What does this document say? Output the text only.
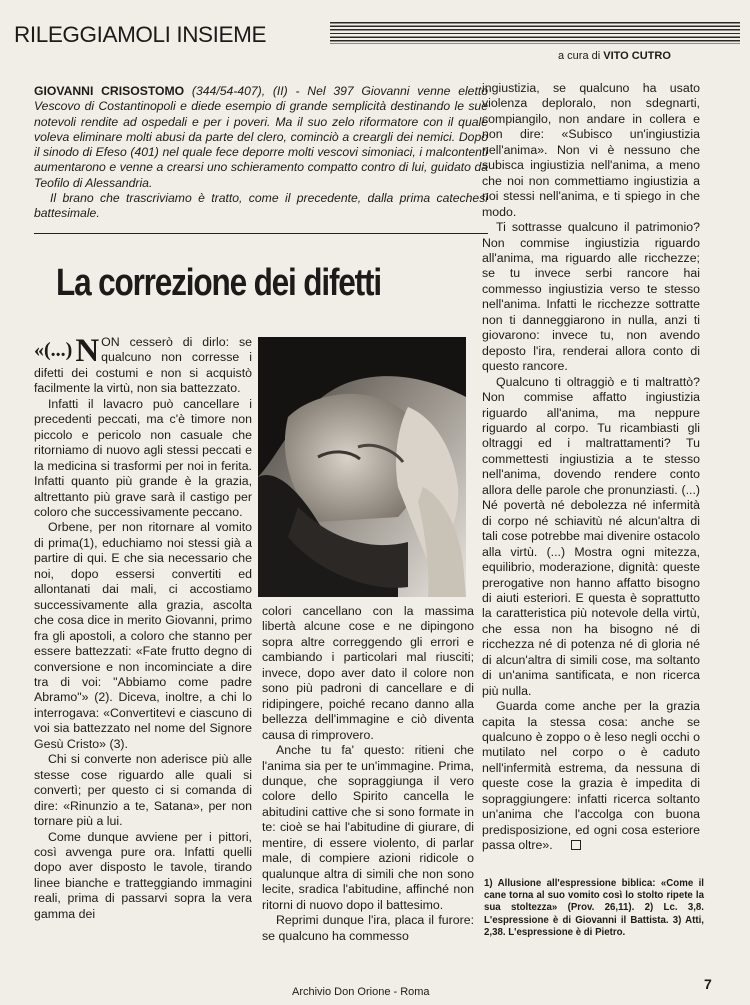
RILEGGIAMOLI INSIEME
a cura di VITO CUTRO

GIOVANNI CRISOSTOMO (344/54-407), (II) - Nel 397 Giovanni venne eletto Vescovo di Costantinopoli e diede esempio di grande semplicità destinando le sue notevoli rendite ad ospedali e per i poveri. Ma il suo zelo riformatore con il quale voleva eliminare molti abusi da parte del clero, cominciò a creargli dei nemici. Dopo il sinodo di Efeso (401) nel quale fece deporre molti vescovi simoniaci, i malcontenti aumentarono e venne a crearsi uno schieramento compatto contro di lui, guidato da Teofilo di Alessandria.

Il brano che trascriviamo è tratto, come il precedente, dalla prima catechesi battesimale.

La correzione dei difetti

«(...) N ON cesserò di dirlo: se qualcuno non corresse i difetti dei costumi e non si acquistò facilmente la virtù, non sia battezzato.

Infatti il lavacro può cancellare i precedenti peccati, ma c'è timore non piccolo e pericolo non casuale che ritorniamo di nuovo agli stessi peccati e la medicina si trasformi per noi in ferita. Infatti quanto più grande è la grazia, altrettanto più grave sarà il castigo per coloro che successivamente peccano.

Orbene, per non ritornare al vomito di prima(1), educhiamo noi stessi già a partire di qui. E che sia necessario che noi, dopo essersi convertiti ed allontanati dai mali, ci accostiamo successivamente alla grazia, ascolta che cosa dice in merito Giovanni, primo fra gli apostoli, a coloro che stanno per essere battezzati: «Fate frutto degno di conversione e non incominciate a dire tra di voi: "Abbiamo come padre Abramo"» (2). Diceva, inoltre, a chi lo interrogava: «Convertitevi e ciascuno di voi sia battezzato nel nome del Signore Gesù Cristo» (3).

Chi si converte non aderisce più alle stesse cose riguardo alle quali si convertì; per questo ci si comanda di dire: «Rinunzio a te, Satana», per non tornare più a lui.

Come dunque avviene per i pittori, così avvenga pure ora. Infatti quelli dopo aver disposto le tavole, tirando linee bianche e tratteggiando immagini reali, prima di passarvi sopra la vera gamma dei

colori cancellano con la massima libertà alcune cose e ne dipingono sopra altre correggendo gli errori e cambiando i particolari mal riusciti; invece, dopo aver dato il colore non sono più padroni di cancellare e di ridipingere, poiché recano danno alla bellezza dell'immagine e ciò diventa causa di rimprovero.

Anche tu fa' questo: ritieni che l'anima sia per te un'immagine. Prima, dunque, che sopraggiunga il vero colore dello Spirito cancella le abitudini cattive che si sono formate in te: cioè se hai l'abitudine di giurare, di mentire, di essere violento, di parlar male, di compiere azioni ridicole o qualunque altra di simili che non sono lecite, sradica l'abitudine, affinché non ritorni di nuovo dopo il battesimo.

Reprimi dunque l'ira, placa il furore: se qualcuno ha commesso

ingiustizia, se qualcuno ha usato violenza deploralo, non sdegnarti, compiangilo, non andare in collera e non dire: «Subisco un'ingiustizia nell'anima». Non vi è nessuno che subisca ingiustizia nell'anima, a meno che noi non commettiamo ingiustizia a noi stessi nell'anima, e ti spiego in che modo.

Ti sottrasse qualcuno il patrimonio? Non commise ingiustizia riguardo all'anima, ma riguardo alle ricchezze; se tu invece serbi rancore hai commesso ingiustizia verso te stesso nell'anima. Infatti le ricchezze sottratte non ti danneggiarono in nulla, anzi ti giovarono: invece tu, non avendo deposto l'ira, renderai allora conto di questo rancore.

Qualcuno ti oltraggiò e ti maltrattò? Non commise affatto ingiustizia riguardo all'anima, ma neppure riguardo al corpo. Tu ricambiasti gli oltraggi ed i maltrattamenti? Tu commettesti ingiustizia a te stesso nell'anima, dovendo rendere conto allora delle parole che pronunziasti. (...) Né povertà né debolezza né infermità di corpo né schiavitù né alcun'altra di tali cose potrebbe mai divenire ostacolo alla virtù. (...) Mostra ogni mitezza, equilibrio, moderazione, dignità: queste prerogative non hanno affatto bisogno di aiuti esteriori. E questa è soprattutto la caratteristica più notevole della virtù, che essa non ha bisogno né di ricchezza né di potenza né di gloria né di alcun'altra di simili cose, ma soltanto di un'anima santificata, e non ricerca più nulla.

Guarda come anche per la grazia capita la stessa cosa: anche se qualcuno è zoppo o è leso negli occhi o mutilato nel corpo o è caduto nell'infermità estrema, da nessuna di queste cose la grazia è impedita di sopraggiungere: infatti ricerca soltanto un'anima che l'accolga con buona predisposizione, ed ogni cosa esteriore passa oltre».

1) Allusione all'espressione biblica: «Come il cane torna al suo vomito così lo stolto ripete la sua stoltezza» (Prov. 26,11). 2) Lc. 3,8. L'espressione è di Giovanni il Battista. 3) Atti, 2,38. L'espressione è di Pietro.

Archivio Don Orione - Roma	7
